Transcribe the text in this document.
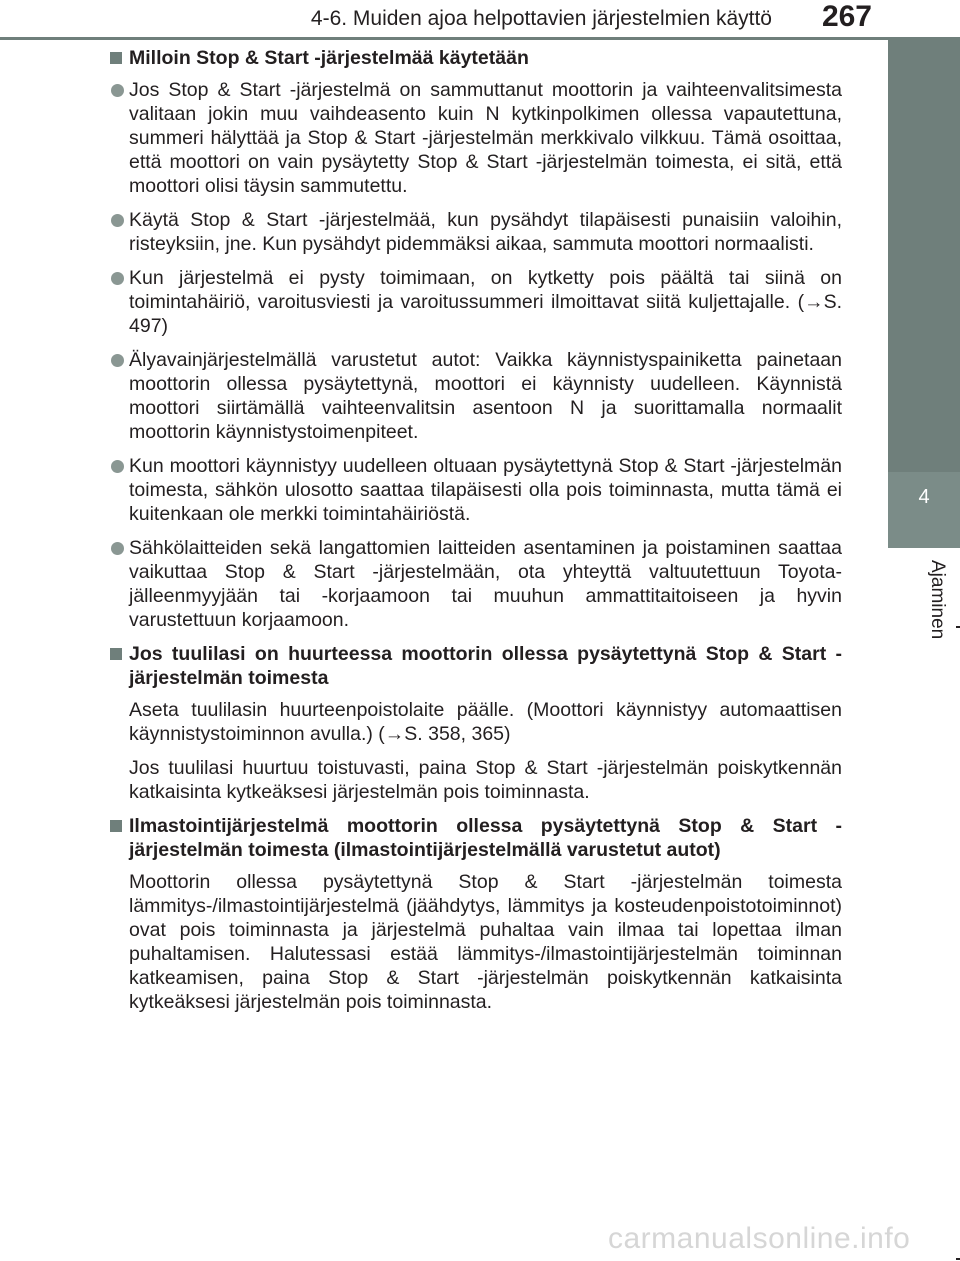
4-6. Muiden ajoa helpottavien järjestelmien käyttö 267
4
Ajaminen
Milloin Stop & Start -järjestelmää käytetään
Jos Stop & Start -järjestelmä on sammuttanut moottorin ja vaihteenvalitsimesta valitaan jokin muu vaihdeasento kuin N kytkinpolkimen ollessa vapautettuna, summeri hälyttää ja Stop & Start -järjestelmän merkkivalo vilkkuu. Tämä osoittaa, että moottori on vain pysäytetty Stop & Start -järjestelmän toimesta, ei sitä, että moottori olisi täysin sammutettu.
Käytä Stop & Start -järjestelmää, kun pysähdyt tilapäisesti punaisiin valoihin, risteyksiin, jne. Kun pysähdyt pidemmäksi aikaa, sammuta moottori normaalisti.
Kun järjestelmä ei pysty toimimaan, on kytketty pois päältä tai siinä on toimintahäiriö, varoitusviesti ja varoitussummeri ilmoittavat siitä kuljettajalle. (→S. 497)
Älyavainjärjestelmällä varustetut autot: Vaikka käynnistyspainiketta painetaan moottorin ollessa pysäytettynä, moottori ei käynnisty uudelleen. Käynnistä moottori siirtämällä vaihteenvalitsin asentoon N ja suorittamalla normaalit moottorin käynnistystoimenpiteet.
Kun moottori käynnistyy uudelleen oltuaan pysäytettynä Stop & Start -järjestelmän toimesta, sähkön ulosotto saattaa tilapäisesti olla pois toiminnasta, mutta tämä ei kuitenkaan ole merkki toimintahäiriöstä.
Sähkölaitteiden sekä langattomien laitteiden asentaminen ja poistaminen saattaa vaikuttaa Stop & Start -järjestelmään, ota yhteyttä valtuutettuun Toyota-jälleenmyyjään tai -korjaamoon tai muuhun ammattitaitoiseen ja hyvin varustettuun korjaamoon.
Jos tuulilasi on huurteessa moottorin ollessa pysäytettynä Stop & Start -järjestelmän toimesta
Aseta tuulilasin huurteenpoistolaite päälle. (Moottori käynnistyy automaattisen käynnistystoiminnon avulla.) (→S. 358, 365)
Jos tuulilasi huurtuu toistuvasti, paina Stop & Start -järjestelmän poiskytkennän katkaisinta kytkeäksesi järjestelmän pois toiminnasta.
Ilmastointijärjestelmä moottorin ollessa pysäytettynä Stop & Start -järjestelmän toimesta (ilmastointijärjestelmällä varustetut autot)
Moottorin ollessa pysäytettynä Stop & Start -järjestelmän toimesta lämmitys-/ilmastointijärjestelmä (jäähdytys, lämmitys ja kosteudenpoistotoiminnot) ovat pois toiminnasta ja järjestelmä puhaltaa vain ilmaa tai lopettaa ilman puhaltamisen. Halutessasi estää lämmitys-/ilmastointijärjestelmän toiminnan katkeamisen, paina Stop & Start -järjestelmän poiskytkennän katkaisinta kytkeäksesi järjestelmän pois toiminnasta.
carmanualsonline.info
